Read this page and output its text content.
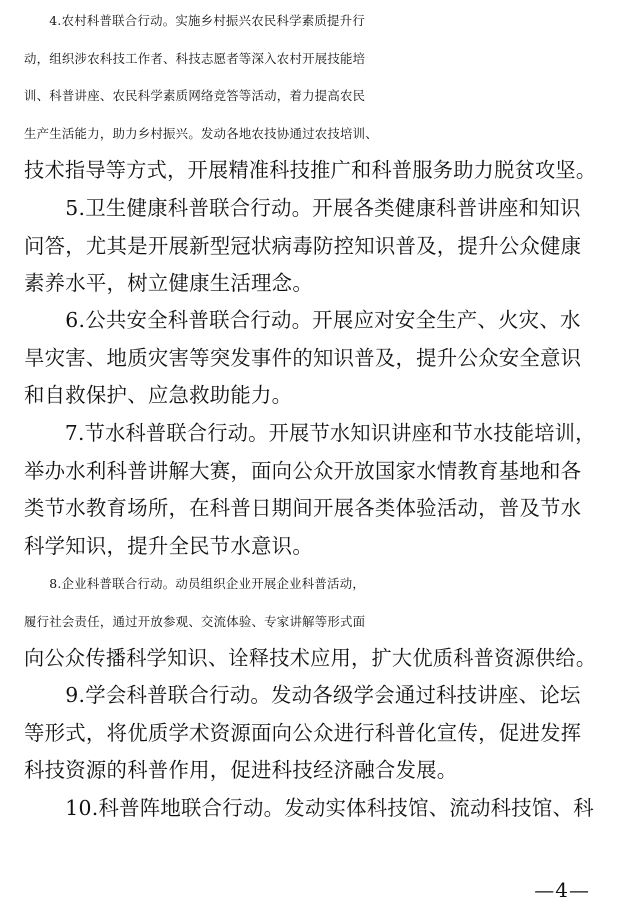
　　4.农村科普联合行动。实施乡村振兴农民科学素质提升行

动，组织涉农科技工作者、科技志愿者等深入农村开展技能培

训、科普讲座、农民科学素质网络竞答等活动，着力提高农民

生产生活能力，助力乡村振兴。发动各地农技协通过农技培训、

技术指导等方式，开展精准科技推广和科普服务助力脱贫攻坚。

　　5.卫生健康科普联合行动。开展各类健康科普讲座和知识

问答，尤其是开展新型冠状病毒防控知识普及，提升公众健康

素养水平，树立健康生活理念。

　　6.公共安全科普联合行动。开展应对安全生产、火灾、水

旱灾害、地质灾害等突发事件的知识普及，提升公众安全意识

和自救保护、应急救助能力。

　　7.节水科普联合行动。开展节水知识讲座和节水技能培训，

举办水利科普讲解大赛，面向公众开放国家水情教育基地和各

类节水教育场所，在科普日期间开展各类体验活动，普及节水

科学知识，提升全民节水意识。

　　8.企业科普联合行动。动员组织企业开展企业科普活动，

履行社会责任，通过开放参观、交流体验、专家讲解等形式面

向公众传播科学知识、诠释技术应用，扩大优质科普资源供给。

　　9.学会科普联合行动。发动各级学会通过科技讲座、论坛

等形式，将优质学术资源面向公众进行科普化宣传，促进发挥

科技资源的科普作用，促进科技经济融合发展。

　　10.科普阵地联合行动。发动实体科技馆、流动科技馆、科

—4—
